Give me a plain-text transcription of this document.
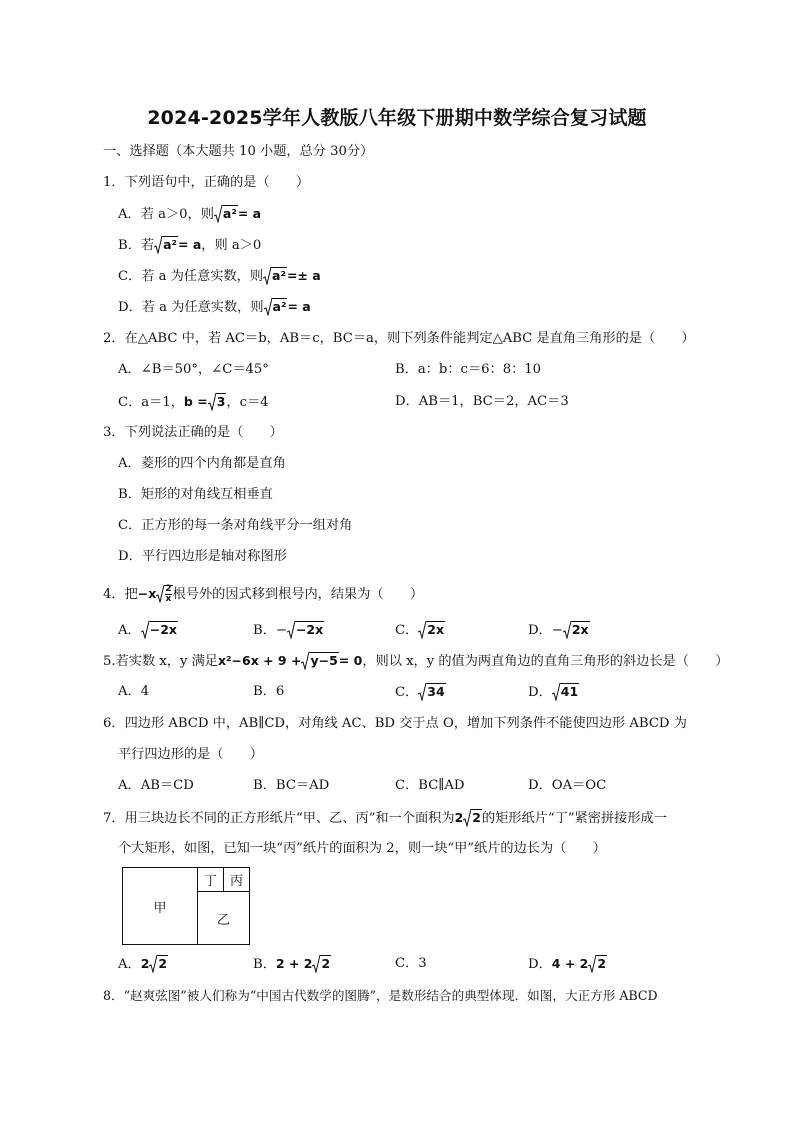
2024-2025学年人教版八年级下册期中数学综合复习试题
一、选择题（本大题共 10 小题，总分 30分）
1．下列语句中，正确的是（　　）
A．若 a＞0，则 a²= a
B．若 a²= a，则 a＞0
C．若 a 为任意实数，则 a²=± a
D．若 a 为任意实数，则 a²= a
2．在△ABC 中，若 AC＝b，AB＝c，BC＝a，则下列条件能判定△ABC 是直角三角形的是（　　）
A．∠B＝50°，∠C＝45°	B．a：b：c＝6：8：10
C．a＝1，b = 3，c＝4	D．AB＝1，BC＝2，AC＝3
3．下列说法正确的是（　　）
A．菱形的四个内角都是直角
B．矩形的对角线互相垂直
C．正方形的每一条对角线平分一组对角
D．平行四边形是轴对称图形
4．把$-x \frac{2}{x}$ 根号外的因式移到根号内，结果为（　　）
A． −2x	B．− −2x	C． 2x	D．− 2x
5.若实数 x，y 满足x²−6x + 9 + y−5= 0，则以 x，y 的值为两直角边的直角三角形的斜边长是（　　）
A．4	B．6	C． 34	D． 41
6．四边形 ABCD 中，AB∥CD，对角线 AC、BD 交于点 O，增加下列条件不能使四边形 ABCD 为
平行四边形的是（　　）
A．AB＝CD	B．BC＝AD	C．BC∥AD	D．OA＝OC
7．用三块边长不同的正方形纸片“甲、乙、丙”和一个面积为2 2的矩形纸片“丁”紧密拼接形成一
个大矩形，如图，已知一块“丙”纸片的面积为 2，则一块“甲”纸片的边长为（　　）
甲
丁 丙
乙
A．2 2	B．2 + 2 2	C．3	D．4 + 2 2
8．“赵爽弦图”被人们称为“中国古代数学的图腾”，是数形结合的典型体现．如图，大正方形 ABCD
